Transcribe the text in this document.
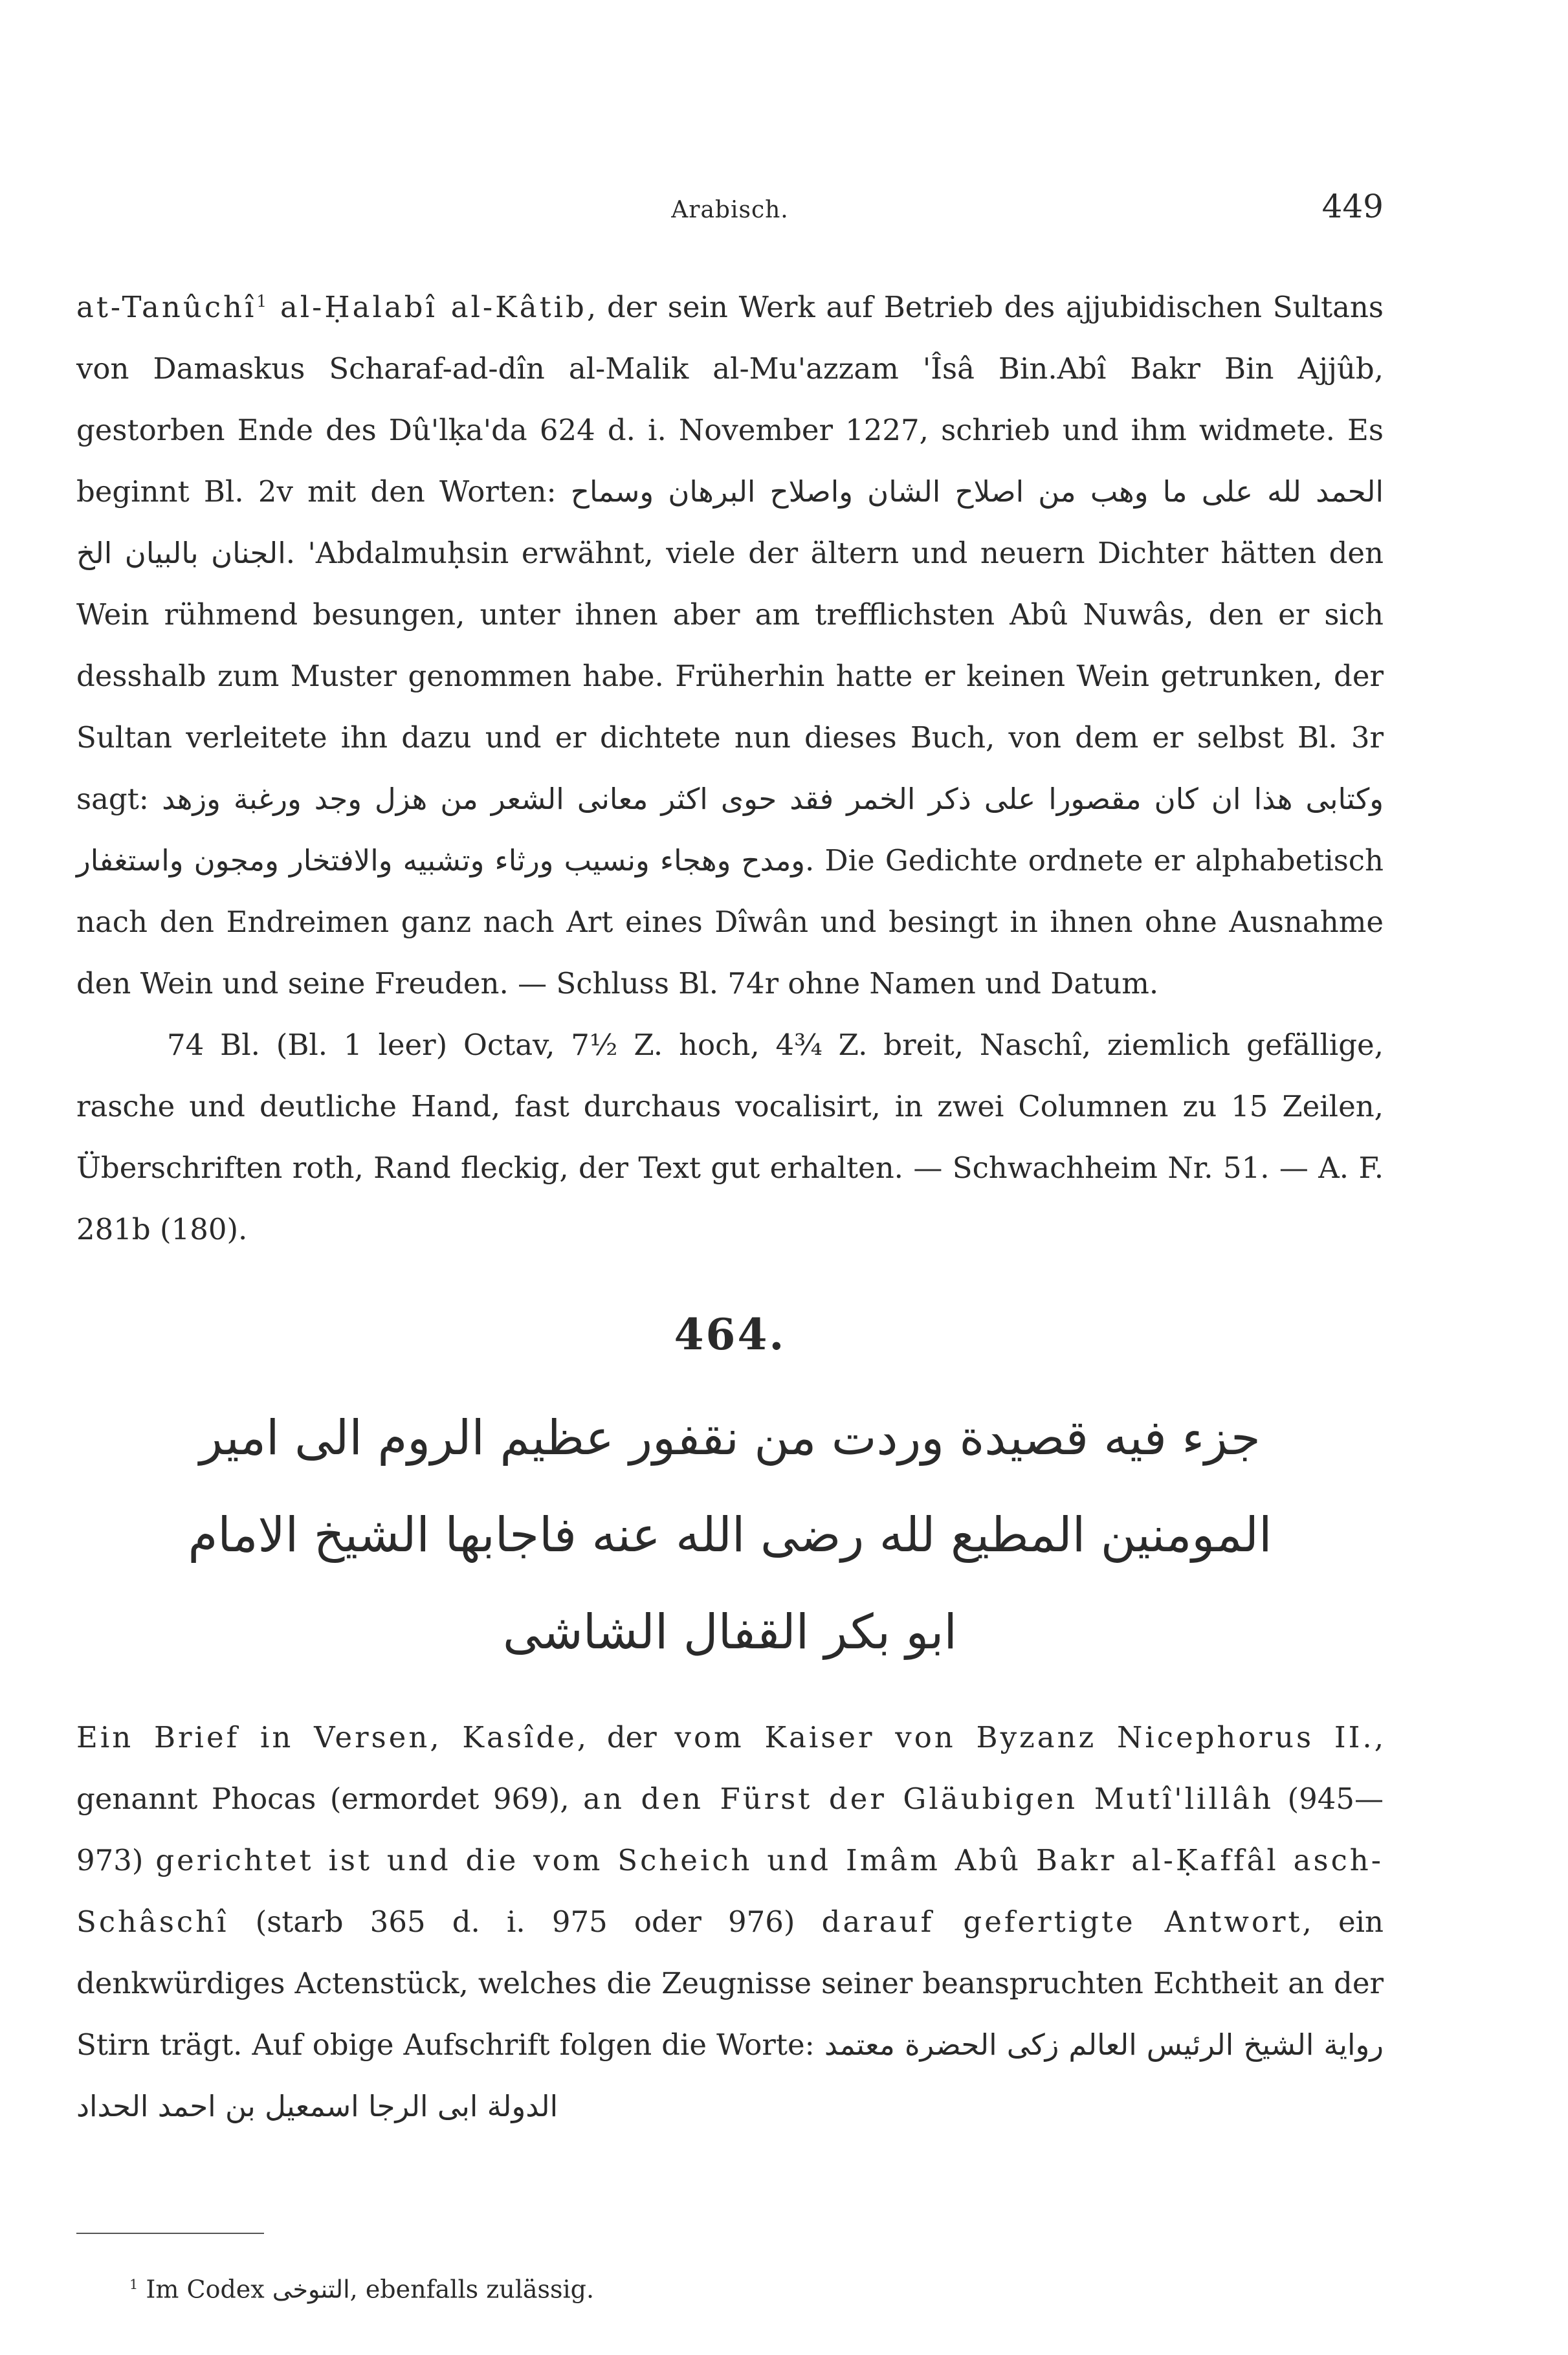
Arabisch.	449

at-Tanûchî$^1$ al-Ḥalabî al-Kâtib, der sein Werk auf Betrieb des ajjubidischen Sultans von Damaskus Scharaf-ad-dîn al-Malik al-Mu'azzam 'Îsâ Bin.Abî Bakr Bin Ajjûb, gestorben Ende des Dû'lḳa'da 624 d. i. November 1227, schrieb und ihm widmete. Es beginnt Bl. 2v mit den Worten: الحمد لله على ما وهب من اصلاح الشان واصلاح البرهان وسماح الجنان بالبيان الخ. 'Abdalmuḥsin erwähnt, viele der ältern und neuern Dichter hätten den Wein rühmend besungen, unter ihnen aber am trefflichsten Abû Nuwâs, den er sich desshalb zum Muster genommen habe. Früherhin hatte er keinen Wein getrunken, der Sultan verleitete ihn dazu und er dichtete nun dieses Buch, von dem er selbst Bl. 3r sagt: وكتابى هذا ان كان مقصورا على ذكر الخمر فقد حوى اكثر معانى الشعر من هزل وجد ورغبة وزهد ومدح وهجاء ونسيب ورثاء وتشبيه والافتخار ومجون واستغفار. Die Gedichte ordnete er alphabetisch nach den Endreimen ganz nach Art eines Dîwân und besingt in ihnen ohne Ausnahme den Wein und seine Freuden. — Schluss Bl. 74r ohne Namen und Datum.

74 Bl. (Bl. 1 leer) Octav, 7½ Z. hoch, 4¾ Z. breit, Naschî, ziemlich gefällige, rasche und deutliche Hand, fast durchaus vocalisirt, in zwei Columnen zu 15 Zeilen, Überschriften roth, Rand fleckig, der Text gut erhalten. — Schwachheim Nr. 51. — A. F. 281b (180).

464.
جزء فيه قصيدة وردت من نقفور عظيم الروم الى امير
المومنين المطيع لله رضى الله عنه فاجابها الشيخ الامام
ابو بكر القفال الشاشى

Ein Brief in Versen, Kasîde, der vom Kaiser von Byzanz Nicephorus II., genannt Phocas (ermordet 969), an den Fürst der Gläubigen Mutî'lillâh (945—973) gerichtet ist und die vom Scheich und Imâm Abû Bakr al-Ḳaffâl asch-Schâschî (starb 365 d. i. 975 oder 976) darauf gefertigte Antwort, ein denkwürdiges Actenstück, welches die Zeugnisse seiner beanspruchten Echtheit an der Stirn trägt. Auf obige Aufschrift folgen die Worte: رواية الشيخ الرئيس العالم زكى الحضرة معتمد الدولة ابى الرجا اسمعيل بن احمد الحداد

$^1$ Im Codex التنوخى, ebenfalls zulässig.
